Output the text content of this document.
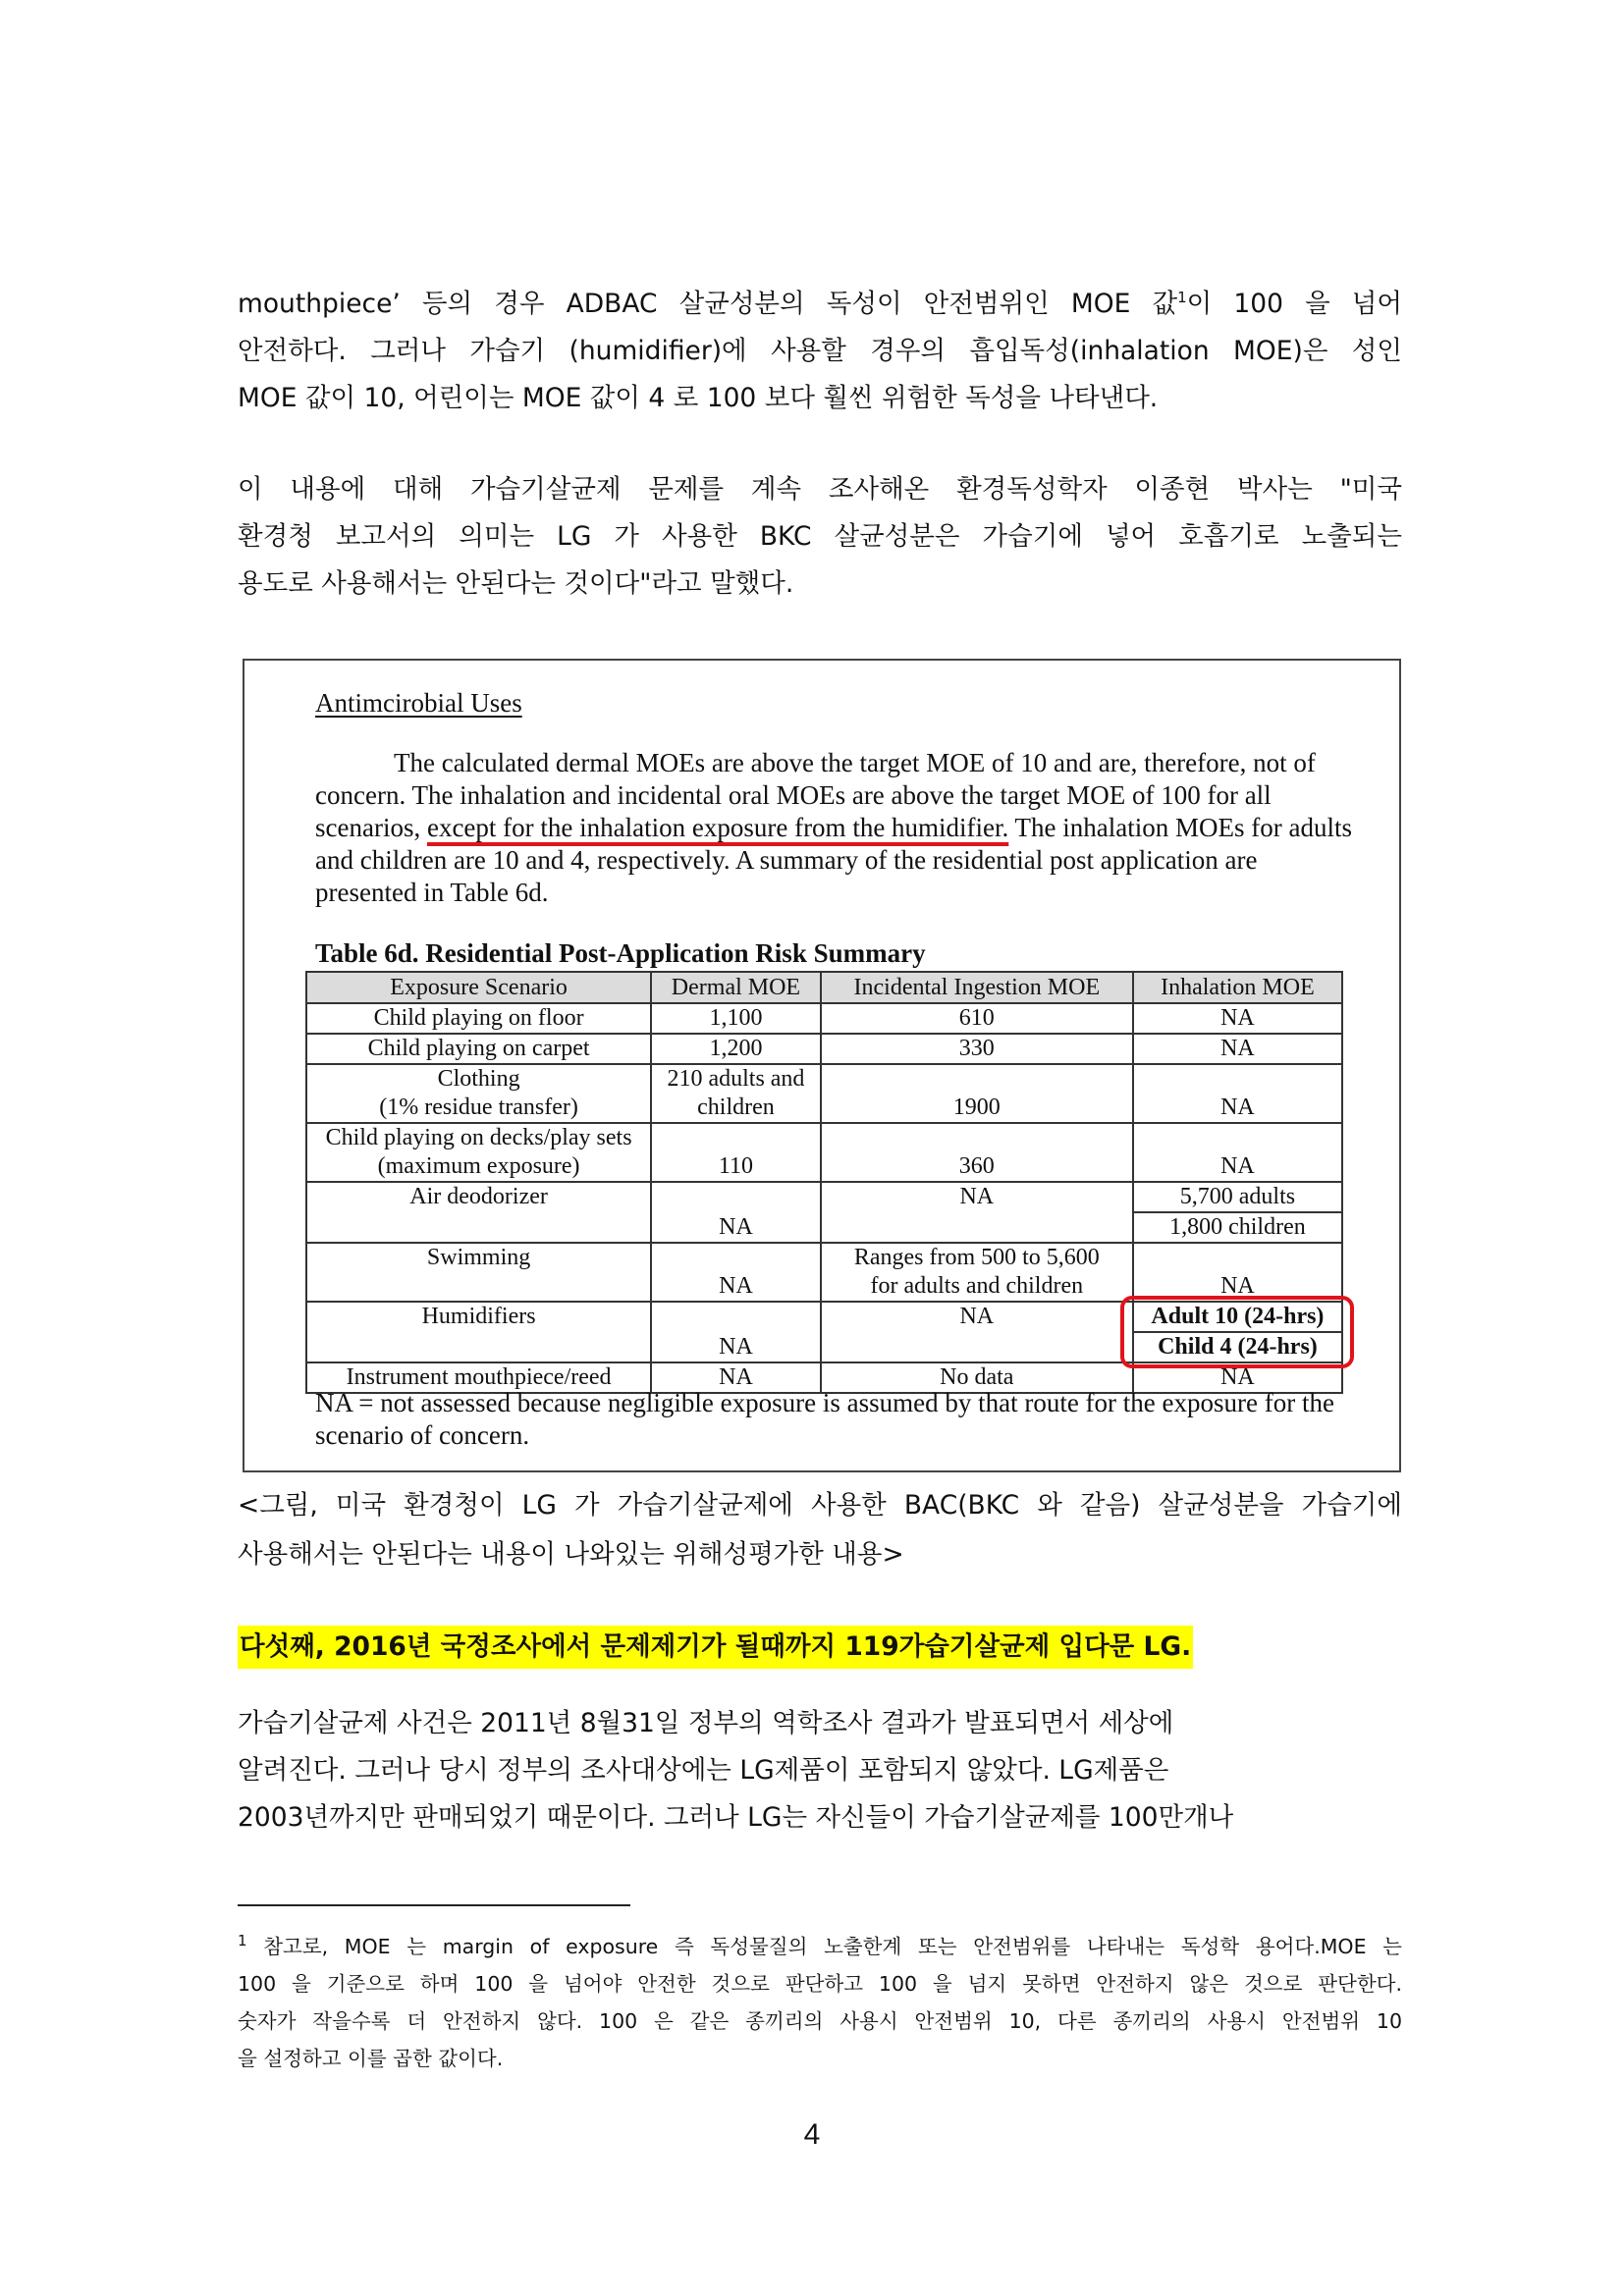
mouthpiece’ 등의 경우 ADBAC 살균성분의 독성이 안전범위인 MOE 값$^1$이 100 을 넘어
안전하다. 그러나 가습기 (humidifier)에 사용할 경우의 흡입독성(inhalation MOE)은 성인
MOE 값이 10, 어린이는 MOE 값이 4 로 100 보다 훨씬 위험한 독성을 나타낸다.
이 내용에 대해 가습기살균제 문제를 계속 조사해온 환경독성학자 이종현 박사는 "미국
환경청 보고서의 의미는 LG 가 사용한 BKC 살균성분은 가습기에 넣어 호흡기로 노출되는
용도로 사용해서는 안된다는 것이다"라고 말했다.
Antimcirobial Uses

The calculated dermal MOEs are above the target MOE of 10 and are, therefore, not of concern. The inhalation and incidental oral MOEs are above the target MOE of 100 for all scenarios, except for the inhalation exposure from the humidifier. The inhalation MOEs for adults and children are 10 and 4, respectively. A summary of the residential post application are presented in Table 6d.

Table 6d. Residential Post-Application Risk Summary
Exposure Scenario	Dermal MOE	Incidental Ingestion MOE	Inhalation MOE
Child playing on floor	1,100	610	NA
Child playing on carpet	1,200	330	NA

Clothing
(1% residue transfer)	210 adults and
children	1900	NA

Child playing on decks/play sets
(maximum exposure)	110	360	NA
Air deodorizer	NA	NA	5,700 adults
1,800 children

Swimming	NA	Ranges from 500 to 5,600
for adults and children	NA
Humidifiers	NA	NA	Adult 10 (24-hrs)
Child 4 (24-hrs)

Instrument mouthpiece/reed	NA	No data	NA

NA = not assessed because negligible exposure is assumed by that route for the exposure for the scenario of concern.

<그림, 미국 환경청이 LG 가 가습기살균제에 사용한 BAC(BKC 와 같음) 살균성분을 가습기에
사용해서는 안된다는 내용이 나와있는 위해성평가한 내용>
다섯째, 2016년 국정조사에서 문제제기가 될때까지 119가습기살균제 입다문 LG.
가습기살균제 사건은 2011년 8월31일 정부의 역학조사 결과가 발표되면서 세상에
알려진다. 그러나 당시 정부의 조사대상에는 LG제품이 포함되지 않았다. LG제품은
2003년까지만 판매되었기 때문이다. 그러나 LG는 자신들이 가습기살균제를 100만개나
$^1$ 참고로, MOE 는 margin of exposure 즉 독성물질의 노출한계 또는 안전범위를 나타내는 독성학 용어다.MOE 는
100 을 기준으로 하며 100 을 넘어야 안전한 것으로 판단하고 100 을 넘지 못하면 안전하지 않은 것으로 판단한다.
숫자가 작을수록 더 안전하지 않다. 100 은 같은 종끼리의 사용시 안전범위 10, 다른 종끼리의 사용시 안전범위 10
을 설정하고 이를 곱한 값이다.
4
